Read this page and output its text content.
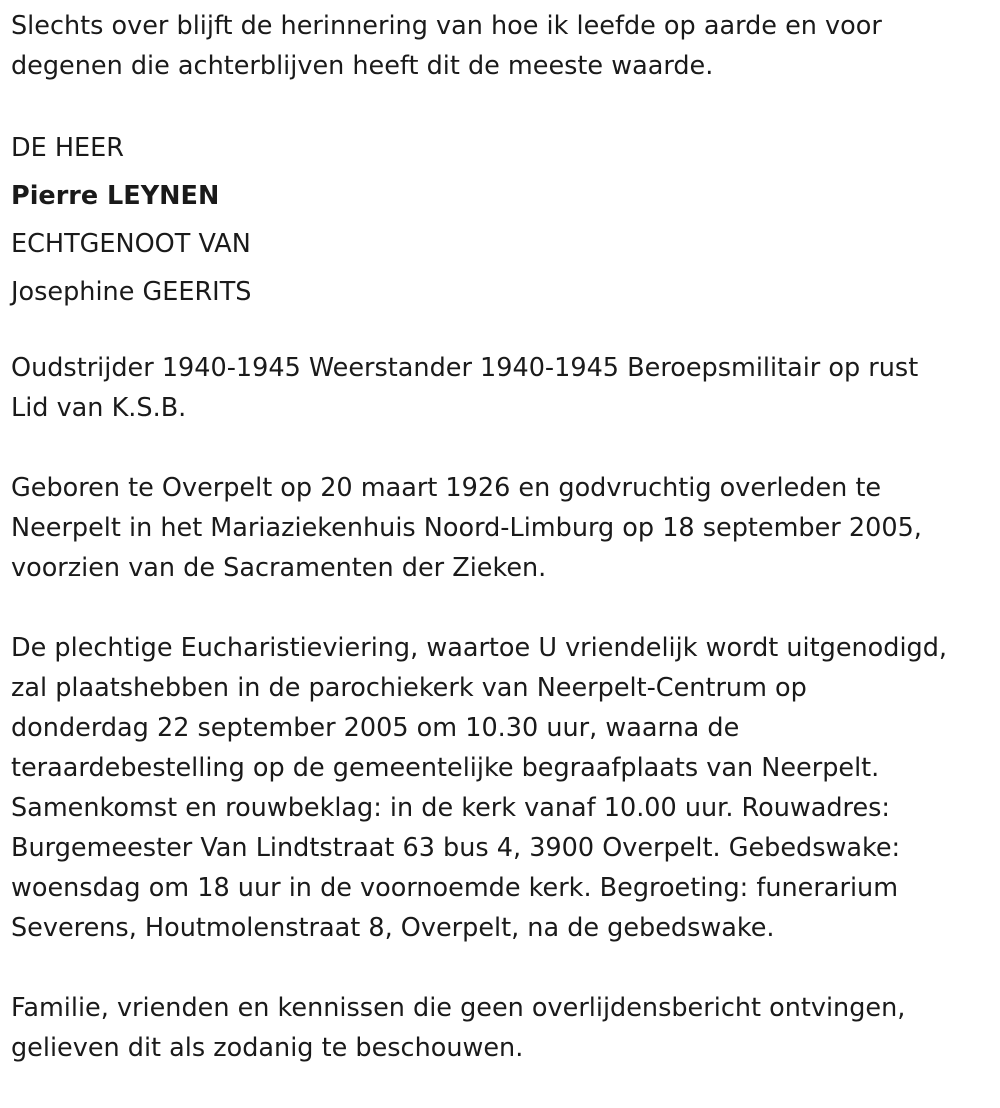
Slechts over blijft de herinnering van hoe ik leefde op aarde en voor
degenen die achterblijven heeft dit de meeste waarde.

DE HEER
Pierre LEYNEN
ECHTGENOOT VAN
Josephine GEERITS

Oudstrijder 1940-1945 Weerstander 1940-1945 Beroepsmilitair op rust
Lid van K.S.B.

Geboren te Overpelt op 20 maart 1926 en godvruchtig overleden te
Neerpelt in het Mariaziekenhuis Noord-Limburg op 18 september 2005,
voorzien van de Sacramenten der Zieken.

De plechtige Eucharistieviering, waartoe U vriendelijk wordt uitgenodigd,
zal plaatshebben in de parochiekerk van Neerpelt-Centrum op
donderdag 22 september 2005 om 10.30 uur, waarna de
teraardebestelling op de gemeentelijke begraafplaats van Neerpelt.
Samenkomst en rouwbeklag: in de kerk vanaf 10.00 uur. Rouwadres:
Burgemeester Van Lindtstraat 63 bus 4, 3900 Overpelt. Gebedswake:
woensdag om 18 uur in de voornoemde kerk. Begroeting: funerarium
Severens, Houtmolenstraat 8, Overpelt, na de gebedswake.

Familie, vrienden en kennissen die geen overlijdensbericht ontvingen,
gelieven dit als zodanig te beschouwen.
